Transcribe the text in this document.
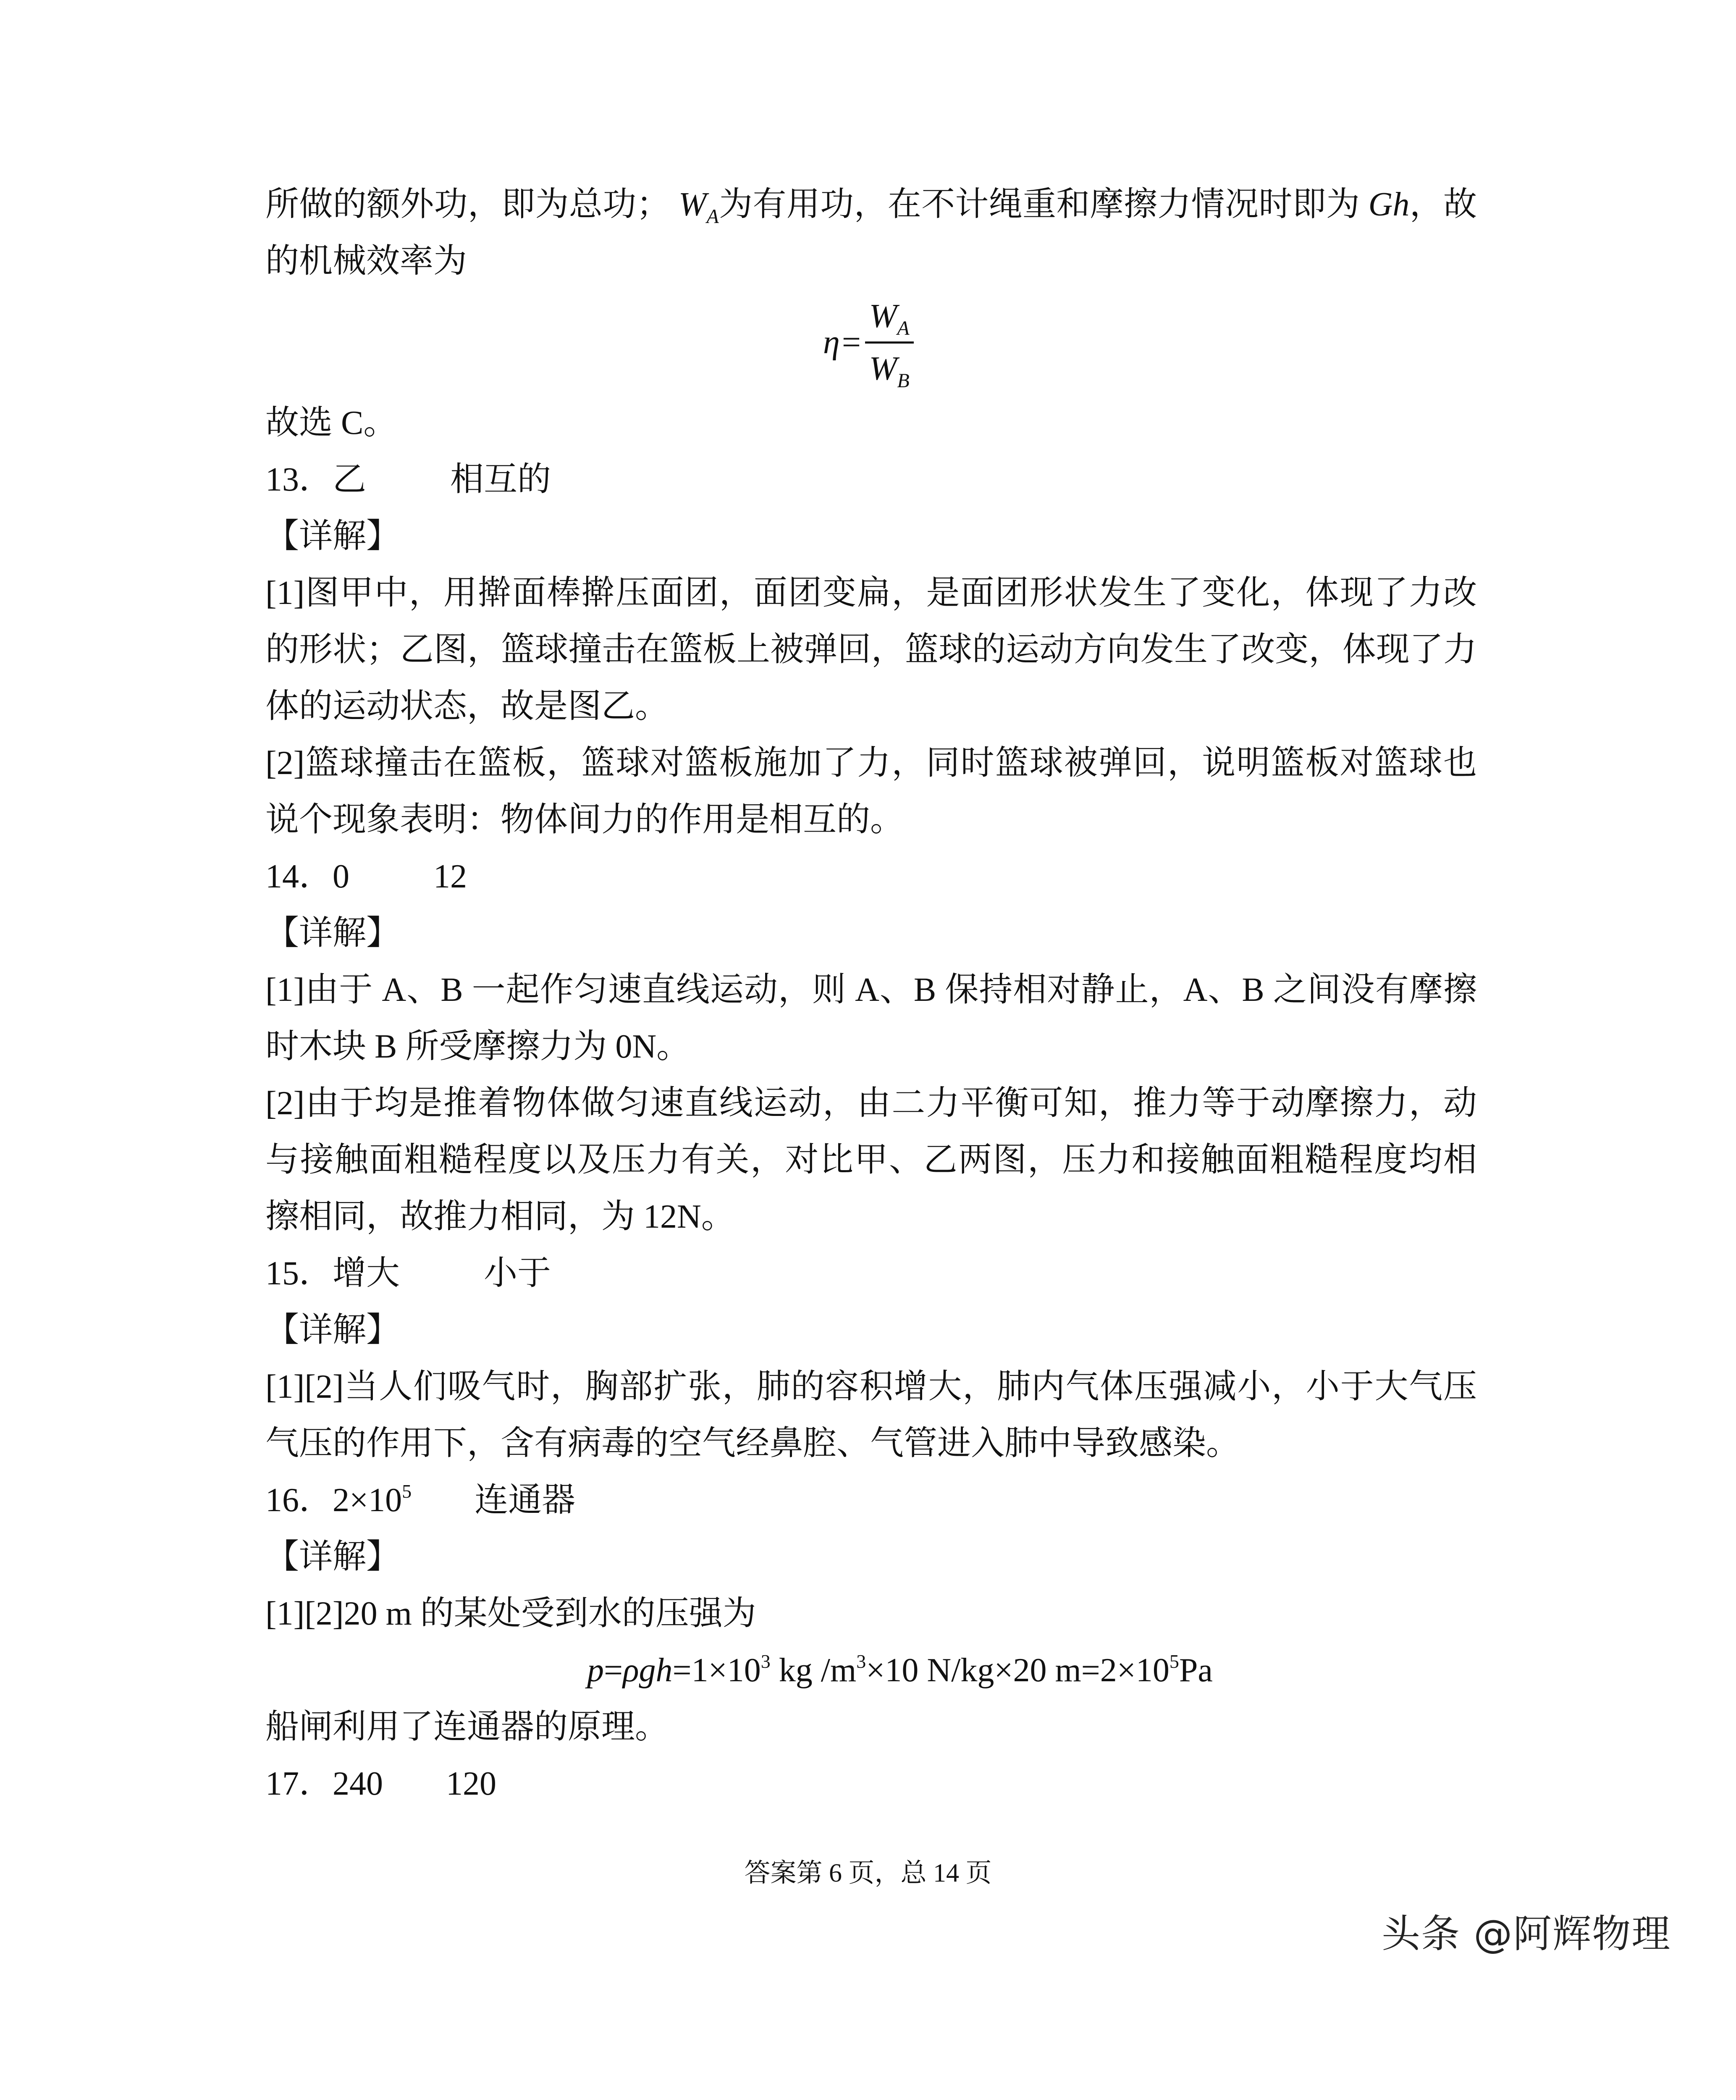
所做的额外功，即为总功； $W_A$为有用功，在不计绳重和摩擦力情况时即为 Gh，故
的机械效率为
$\eta= \frac{W_A}{W_B}$
故选 C。
13．乙	相互的
【详解】
[1]图甲中，用擀面棒擀压面团，面团变扁，是面团形状发生了变化，体现了力改
的形状；乙图，篮球撞击在篮板上被弹回，篮球的运动方向发生了改变，体现了力
体的运动状态，故是图乙。
[2]篮球撞击在篮板，篮球对篮板施加了力，同时篮球被弹回，说明篮板对篮球也
说个现象表明：物体间力的作用是相互的。
14．0	12
【详解】
[1]由于 A、B 一起作匀速直线运动，则 A、B 保持相对静止，A、B 之间没有摩擦
时木块 B 所受摩擦力为 0N。
[2]由于均是推着物体做匀速直线运动，由二力平衡可知，推力等于动摩擦力，动
与接触面粗糙程度以及压力有关，对比甲、乙两图，压力和接触面粗糙程度均相
擦相同，故推力相同，为 12N。
15．增大	小于
【详解】
[1][2]当人们吸气时，胸部扩张，肺的容积增大，肺内气体压强减小，小于大气压
气压的作用下，含有病毒的空气经鼻腔、气管进入肺中导致感染。
16．$2\times 10^5$ 连通器
【详解】
[1][2]20 m 的某处受到水的压强为
$p=\rho gh=1\times 10^3$ kg $/m^3\times 10$ N/kg×20 $m=2\times 10^5Pa$
船闸利用了连通器的原理。
17．240 120
答案第 6 页，总 14 页
头条 @阿辉物理
